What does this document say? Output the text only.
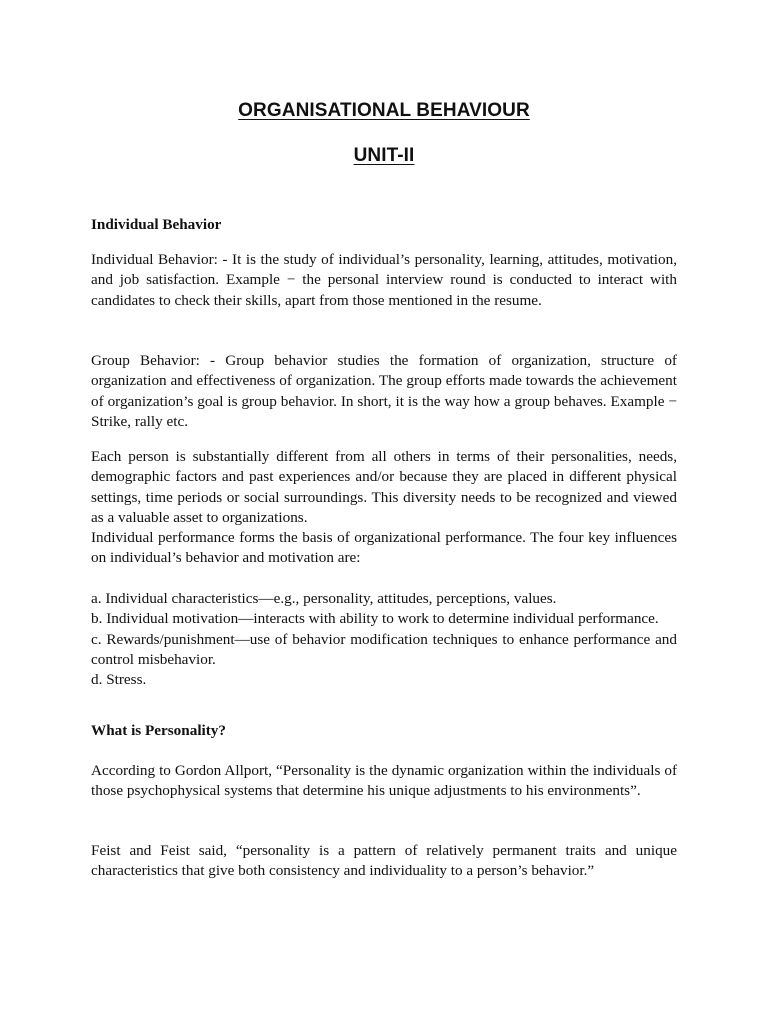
ORGANISATIONAL BEHAVIOUR
UNIT-II
Individual Behavior

Individual Behavior: - It is the study of individual’s personality, learning, attitudes, motivation, and job satisfaction. Example − the personal interview round is conducted to interact with candidates to check their skills, apart from those mentioned in the resume.

Group Behavior: - Group behavior studies the formation of organization, structure of organization and effectiveness of organization. The group efforts made towards the achievement of organization’s goal is group behavior. In short, it is the way how a group behaves. Example − Strike, rally etc.

Each person is substantially different from all others in terms of their personalities, needs, demographic factors and past experiences and/or because they are placed in different physical settings, time periods or social surroundings. This diversity needs to be recognized and viewed as a valuable asset to organizations.

Individual performance forms the basis of organizational performance. The four key influences on individual’s behavior and motivation are:

a. Individual characteristics—e.g., personality, attitudes, perceptions, values.

b. Individual motivation—interacts with ability to work to determine individual performance.

c. Rewards/punishment—use of behavior modification techniques to enhance performance and control misbehavior.

d. Stress.

What is Personality?

According to Gordon Allport, “Personality is the dynamic organization within the individuals of those psychophysical systems that determine his unique adjustments to his environments”.

Feist and Feist said, “personality is a pattern of relatively permanent traits and unique characteristics that give both consistency and individuality to a person’s behavior.”
